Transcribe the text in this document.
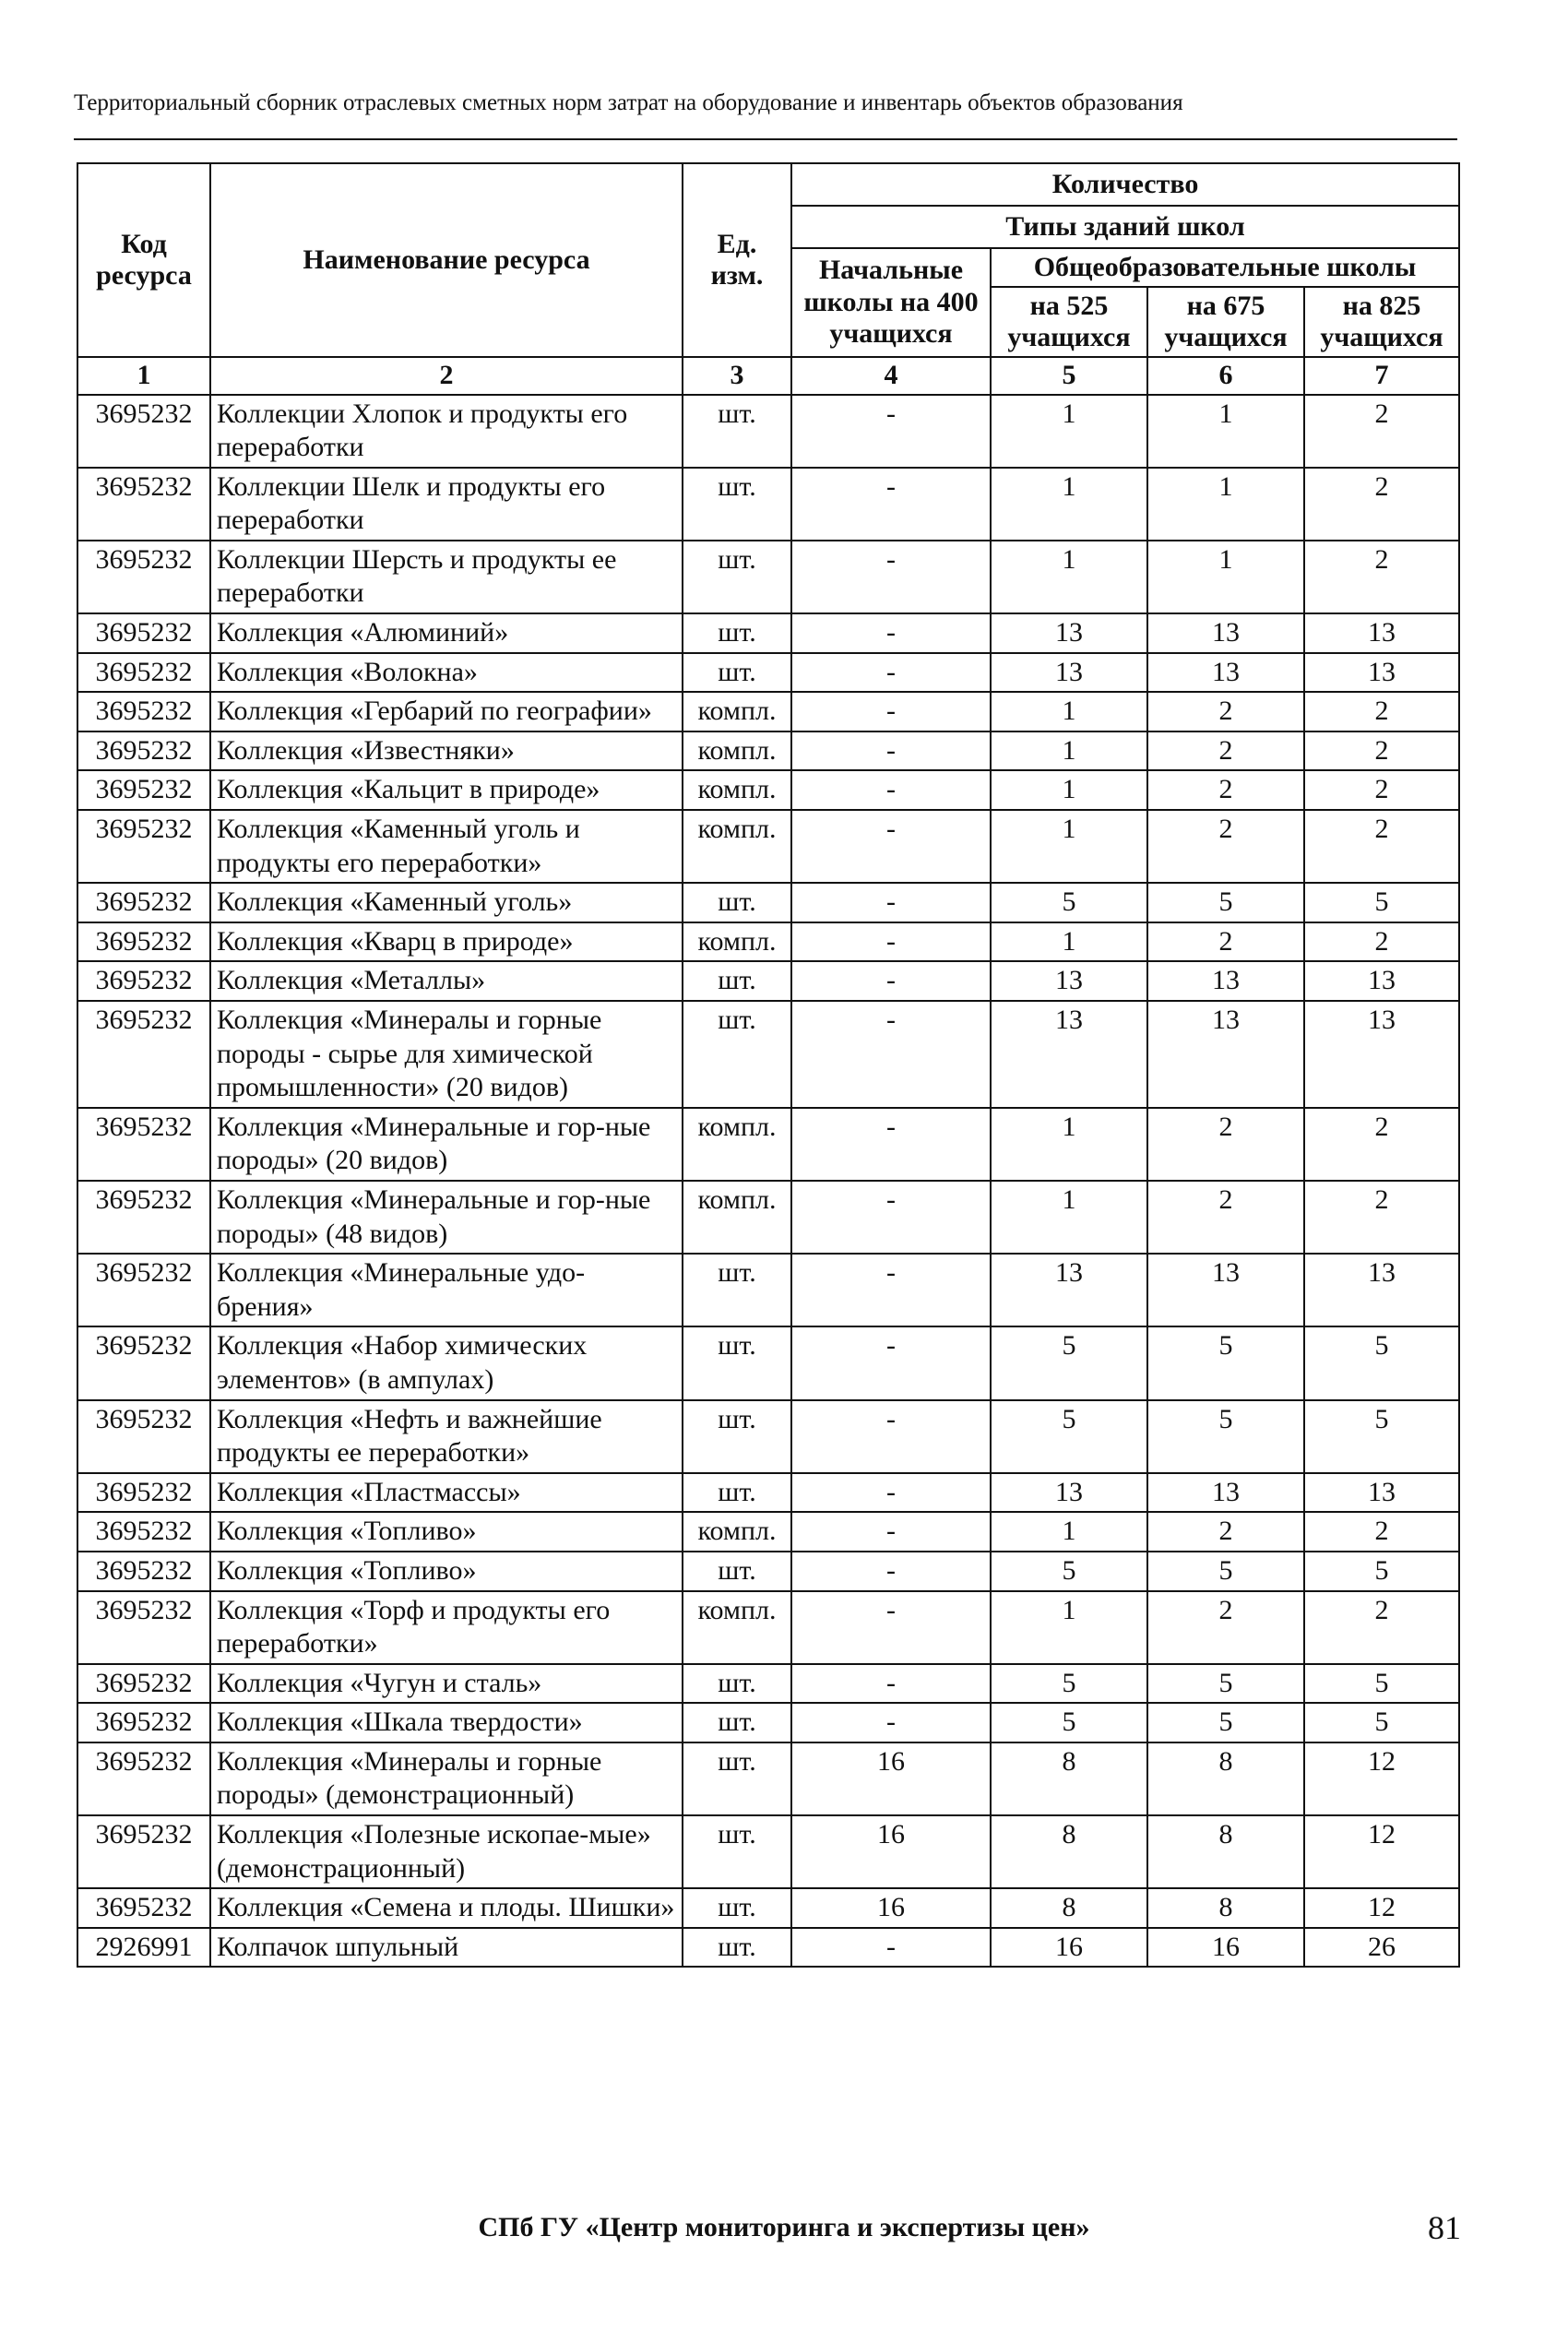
Территориальный сборник отраслевых сметных норм затрат на оборудование и инвентарь объектов образования
Код ресурса	Наименование ресурса	Ед. изм.	Количество			
			Типы зданий школ			
			Начальные школы на 400 учащихся	Общеобразовательные школы		
				на 525 учащихся	на 675 учащихся	на 825 учащихся
1	2	3	4	5	6	7
3695232	Коллекции Хлопок и продукты его переработки	шт.	-	1	1	2
3695232	Коллекции Шелк и продукты его переработки	шт.	-	1	1	2
3695232	Коллекции Шерсть и продукты ее переработки	шт.	-	1	1	2
3695232	Коллекция «Алюминий»	шт.	-	13	13	13
3695232	Коллекция «Волокна»	шт.	-	13	13	13
3695232	Коллекция «Гербарий по географии»	компл.	-	1	2	2
3695232	Коллекция «Известняки»	компл.	-	1	2	2
3695232	Коллекция «Кальцит в природе»	компл.	-	1	2	2
3695232	Коллекция «Каменный уголь и продукты его переработки»	компл.	-	1	2	2
3695232	Коллекция «Каменный уголь»	шт.	-	5	5	5
3695232	Коллекция «Кварц в природе»	компл.	-	1	2	2
3695232	Коллекция «Металлы»	шт.	-	13	13	13
3695232	Коллекция «Минералы и горные породы - сырье для химической промышленности» (20 видов)	шт.	-	13	13	13
3695232	Коллекция «Минеральные и гор-ные породы» (20 видов)	компл.	-	1	2	2
3695232	Коллекция «Минеральные и гор-ные породы» (48 видов)	компл.	-	1	2	2
3695232	Коллекция «Минеральные удо-брения»	шт.	-	13	13	13
3695232	Коллекция «Набор химических элементов» (в ампулах)	шт.	-	5	5	5
3695232	Коллекция «Нефть и важнейшие продукты ее переработки»	шт.	-	5	5	5
3695232	Коллекция «Пластмассы»	шт.	-	13	13	13
3695232	Коллекция «Топливо»	компл.	-	1	2	2
3695232	Коллекция «Топливо»	шт.	-	5	5	5
3695232	Коллекция «Торф и продукты его переработки»	компл.	-	1	2	2
3695232	Коллекция «Чугун и сталь»	шт.	-	5	5	5
3695232	Коллекция «Шкала твердости»	шт.	-	5	5	5
3695232	Коллекция «Минералы и горные породы» (демонстрационный)	шт.	16	8	8	12
3695232	Коллекция «Полезные ископае-мые» (демонстрационный)	шт.	16	8	8	12
3695232	Коллекция «Семена и плоды. Шишки»	шт.	16	8	8	12
2926991	Колпачок шпульный	шт.	-	16	16	26
СПб ГУ «Центр мониторинга и экспертизы цен»	81
